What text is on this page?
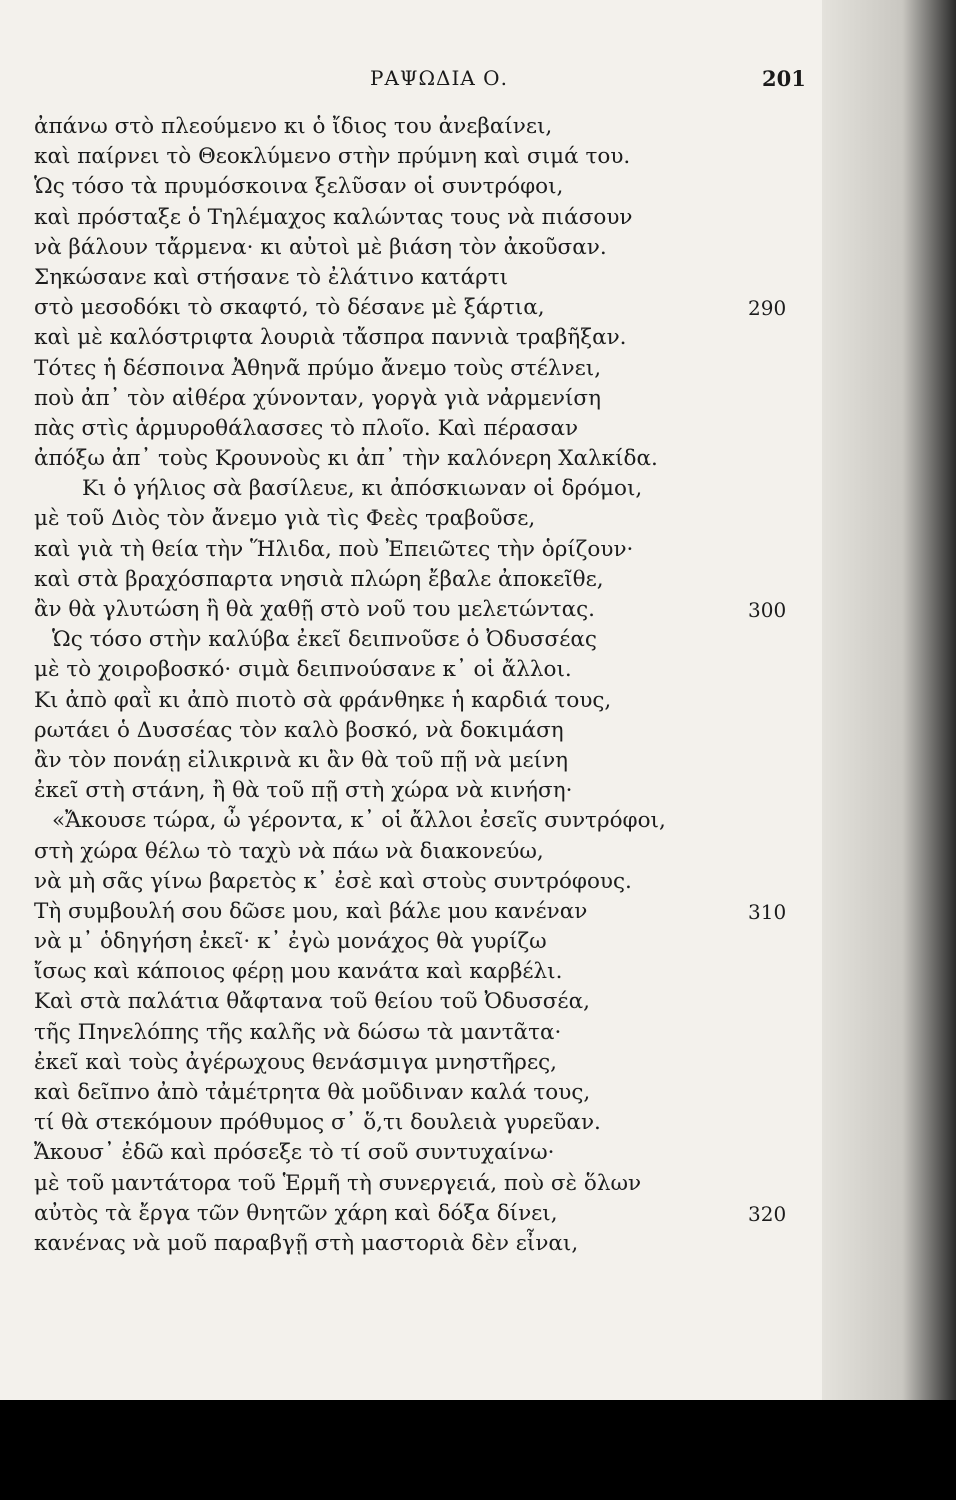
ΡΑΨΩΔΙΑ Ο.	201
ἀπάνω στὸ πλεούμενο κι ὁ ἴδιος του ἀνεβαίνει,
καὶ παίρνει τὸ Θεοκλύμενο στὴν πρύμνη καὶ σιμά του.
Ὡς τόσο τὰ πρυμόσκοινα ξελῦσαν οἱ συντρόφοι,
καὶ πρόσταξε ὁ Τηλέμαχος καλώντας τους νὰ πιάσουν
νὰ βάλουν τἄρμενα· κι αὐτοὶ μὲ βιάση τὸν ἀκοῦσαν.
Σηκώσανε καὶ στήσανε τὸ ἐλάτινο κατάρτι
στὸ μεσοδόκι τὸ σκαφτό, τὸ δέσανε μὲ ξάρτια,	290
καὶ μὲ καλόστριφτα λουριὰ τἄσπρα παννιὰ τραβῆξαν.
Τότες ἡ δέσποινα Ἀθηνᾶ πρύμο ἄνεμο τοὺς στέλνει,
ποὺ ἀπ᾽ τὸν αἰθέρα χύνονταν, γοργὰ γιὰ νἀρμενίση
πὰς στὶς ἁρμυροθάλασσες τὸ πλοῖο. Καὶ πέρασαν
ἀπόξω ἀπ᾽ τοὺς Κρουνοὺς κι ἀπ᾽ τὴν καλόνερη Χαλκίδα.
Κι ὁ γήλιος σὰ βασίλευε, κι ἀπόσκιωναν οἱ δρόμοι,
μὲ τοῦ Διὸς τὸν ἄνεμο γιὰ τὶς Φεὲς τραβοῦσε,
καὶ γιὰ τὴ θεία τὴν Ἥλιδα, ποὺ Ἐπειῶτες τὴν ὁρίζουν·
καὶ στὰ βραχόσπαρτα νησιὰ πλώρη ἔβαλε ἀποκεῖθε,
ἂν θὰ γλυτώση ἢ θὰ χαθῇ στὸ νοῦ του μελετώντας.	300
Ὡς τόσο στὴν καλύβα ἐκεῖ δειπνοῦσε ὁ Ὀδυσσέας
μὲ τὸ χοιροβοσκό· σιμὰ δειπνούσανε κ᾽ οἱ ἄλλοι.
Κι ἀπὸ φαῒ κι ἀπὸ πιοτὸ σὰ φράνθηκε ἡ καρδιά τους,
ρωτάει ὁ Δυσσέας τὸν καλὸ βοσκό, νὰ δοκιμάση
ἂν τὸν πονάῃ εἰλικρινὰ κι ἂν θὰ τοῦ πῇ νὰ μείνη
ἐκεῖ στὴ στάνη, ἢ θὰ τοῦ πῇ στὴ χώρα νὰ κινήση·
«Ἄκουσε τώρα, ὦ γέροντα, κ᾽ οἱ ἄλλοι ἐσεῖς συντρόφοι,
στὴ χώρα θέλω τὸ ταχὺ νὰ πάω νὰ διακονεύω,
νὰ μὴ σᾶς γίνω βαρετὸς κ᾽ ἐσὲ καὶ στοὺς συντρόφους.
Τὴ συμβουλή σου δῶσε μου, καὶ βάλε μου κανέναν	310
νὰ μ᾽ ὁδηγήση ἐκεῖ· κ᾽ ἐγὼ μονάχος θὰ γυρίζω
ἴσως καὶ κάποιος φέρῃ μου κανάτα καὶ καρβέλι.
Καὶ στὰ παλάτια θἄφτανα τοῦ θείου τοῦ Ὀδυσσέα,
τῆς Πηνελόπης τῆς καλῆς νὰ δώσω τὰ μαντᾶτα·
ἐκεῖ καὶ τοὺς ἀγέρωχους θενάσμιγα μνηστῆρες,
καὶ δεῖπνο ἀπὸ τἀμέτρητα θὰ μοῦδιναν καλά τους,
τί θὰ στεκόμουν πρόθυμος σ᾽ ὅ,τι δουλειὰ γυρεῦαν.
Ἄκουσ᾽ ἐδῶ καὶ πρόσεξε τὸ τί σοῦ συντυχαίνω·
μὲ τοῦ μαντάτορα τοῦ Ἑρμῆ τὴ συνεργειά, ποὺ σὲ ὅλων
αὐτὸς τὰ ἔργα τῶν θνητῶν χάρη καὶ δόξα δίνει,	320
κανένας νὰ μοῦ παραβγῇ στὴ μαστοριὰ δὲν εἶναι,
